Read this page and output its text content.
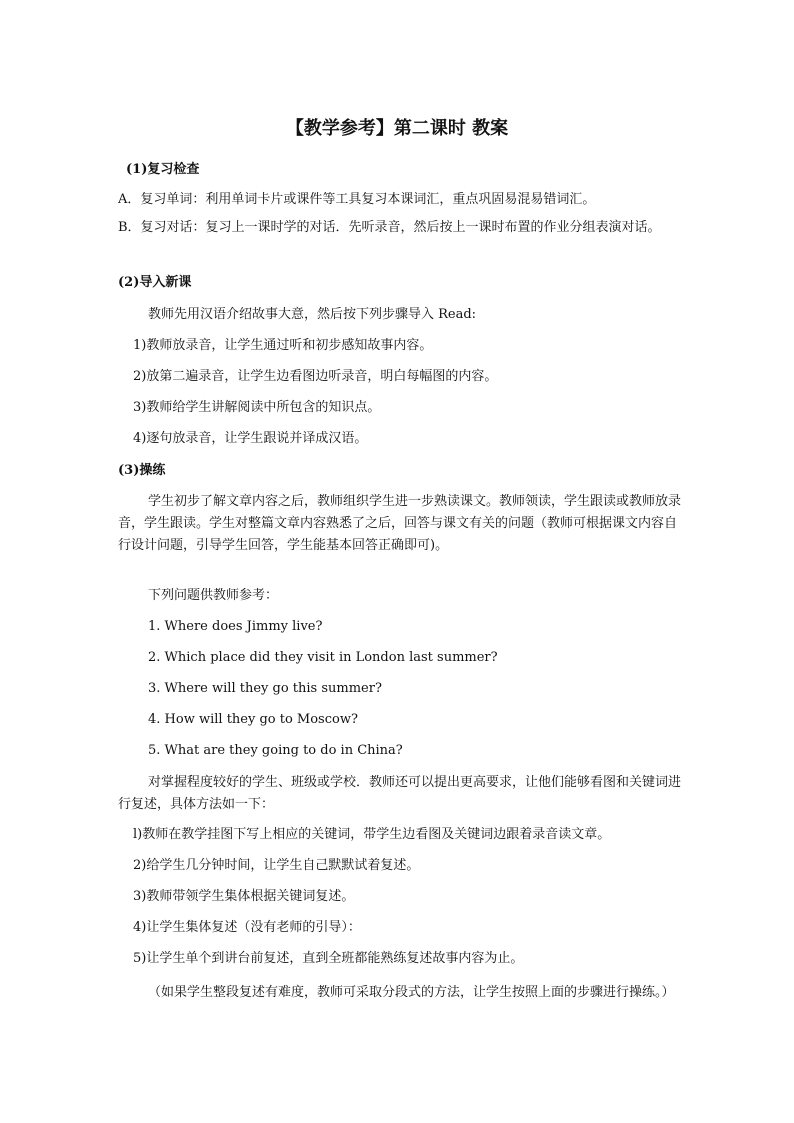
【教学参考】第二课时 教案
(1)复习检查
A．复习单词：利用单词卡片或课件等工具复习本课词汇，重点巩固易混易错词汇。
B．复习对话：复习上一课时学的对话．先听录音，然后按上一课时布置的作业分组表演对话。
(2)导入新课
教师先用汉语介绍故事大意，然后按下列步骤导入 Read:
1)教师放录音，让学生通过听和初步感知故事内容。
2)放第二遍录音，让学生边看图边听录音，明白每幅图的内容。
3)教师给学生讲解阅读中所包含的知识点。
4)逐句放录音，让学生跟说并译成汉语。
(3)操练
学生初步了解文章内容之后，教师组织学生进一步熟读课文。教师领读，学生跟读或教师放录音，学生跟读。学生对整篇文章内容熟悉了之后，回答与课文有关的问题（教师可根据课文内容自行设计问题，引导学生回答，学生能基本回答正确即可)。
下列问题供教师参考：
1. Where does Jimmy live?
2. Which place did they visit in London last summer?
3. Where will they go this summer?
4. How will they go to Moscow?
5. What are they going to do in China?
对掌握程度较好的学生、班级或学校．教师还可以提出更高要求，让他们能够看图和关键词进行复述，具体方法如一下：
l)教师在教学挂图下写上相应的关键词，带学生边看图及关键词边跟着录音读文章。
2)给学生几分钟时间，让学生自己默默试着复述。
3)教师带领学生集体根据关键词复述。
4)让学生集体复述（没有老师的引导）：
5)让学生单个到讲台前复述，直到全班都能熟练复述故事内容为止。
（如果学生整段复述有难度，教师可采取分段式的方法，让学生按照上面的步骤进行操练。）
